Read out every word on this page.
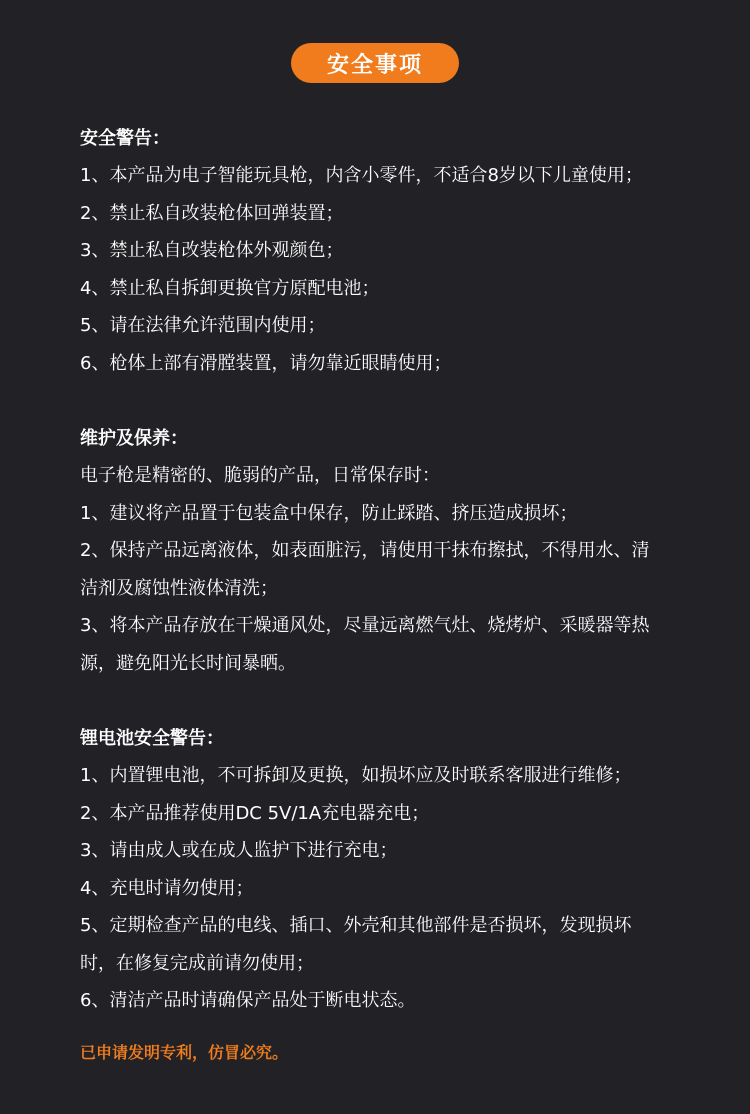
安全事项
安全警告：
1、本产品为电子智能玩具枪，内含小零件，不适合8岁以下儿童使用；
2、禁止私自改装枪体回弹装置；
3、禁止私自改装枪体外观颜色；
4、禁止私自拆卸更换官方原配电池；
5、请在法律允许范围内使用；
6、枪体上部有滑膛装置，请勿靠近眼睛使用；
维护及保养：
电子枪是精密的、脆弱的产品，日常保存时：
1、建议将产品置于包装盒中保存，防止踩踏、挤压造成损坏；
2、保持产品远离液体，如表面脏污，请使用干抹布擦拭，不得用水、清
洁剂及腐蚀性液体清洗；
3、将本产品存放在干燥通风处，尽量远离燃气灶、烧烤炉、采暖器等热
源，避免阳光长时间暴晒。
锂电池安全警告：
1、内置锂电池，不可拆卸及更换，如损坏应及时联系客服进行维修；
2、本产品推荐使用DC 5V/1A充电器充电；
3、请由成人或在成人监护下进行充电；
4、充电时请勿使用；
5、定期检查产品的电线、插口、外壳和其他部件是否损坏，发现损坏
时，在修复完成前请勿使用；
6、清洁产品时请确保产品处于断电状态。
已申请发明专利，仿冒必究。
